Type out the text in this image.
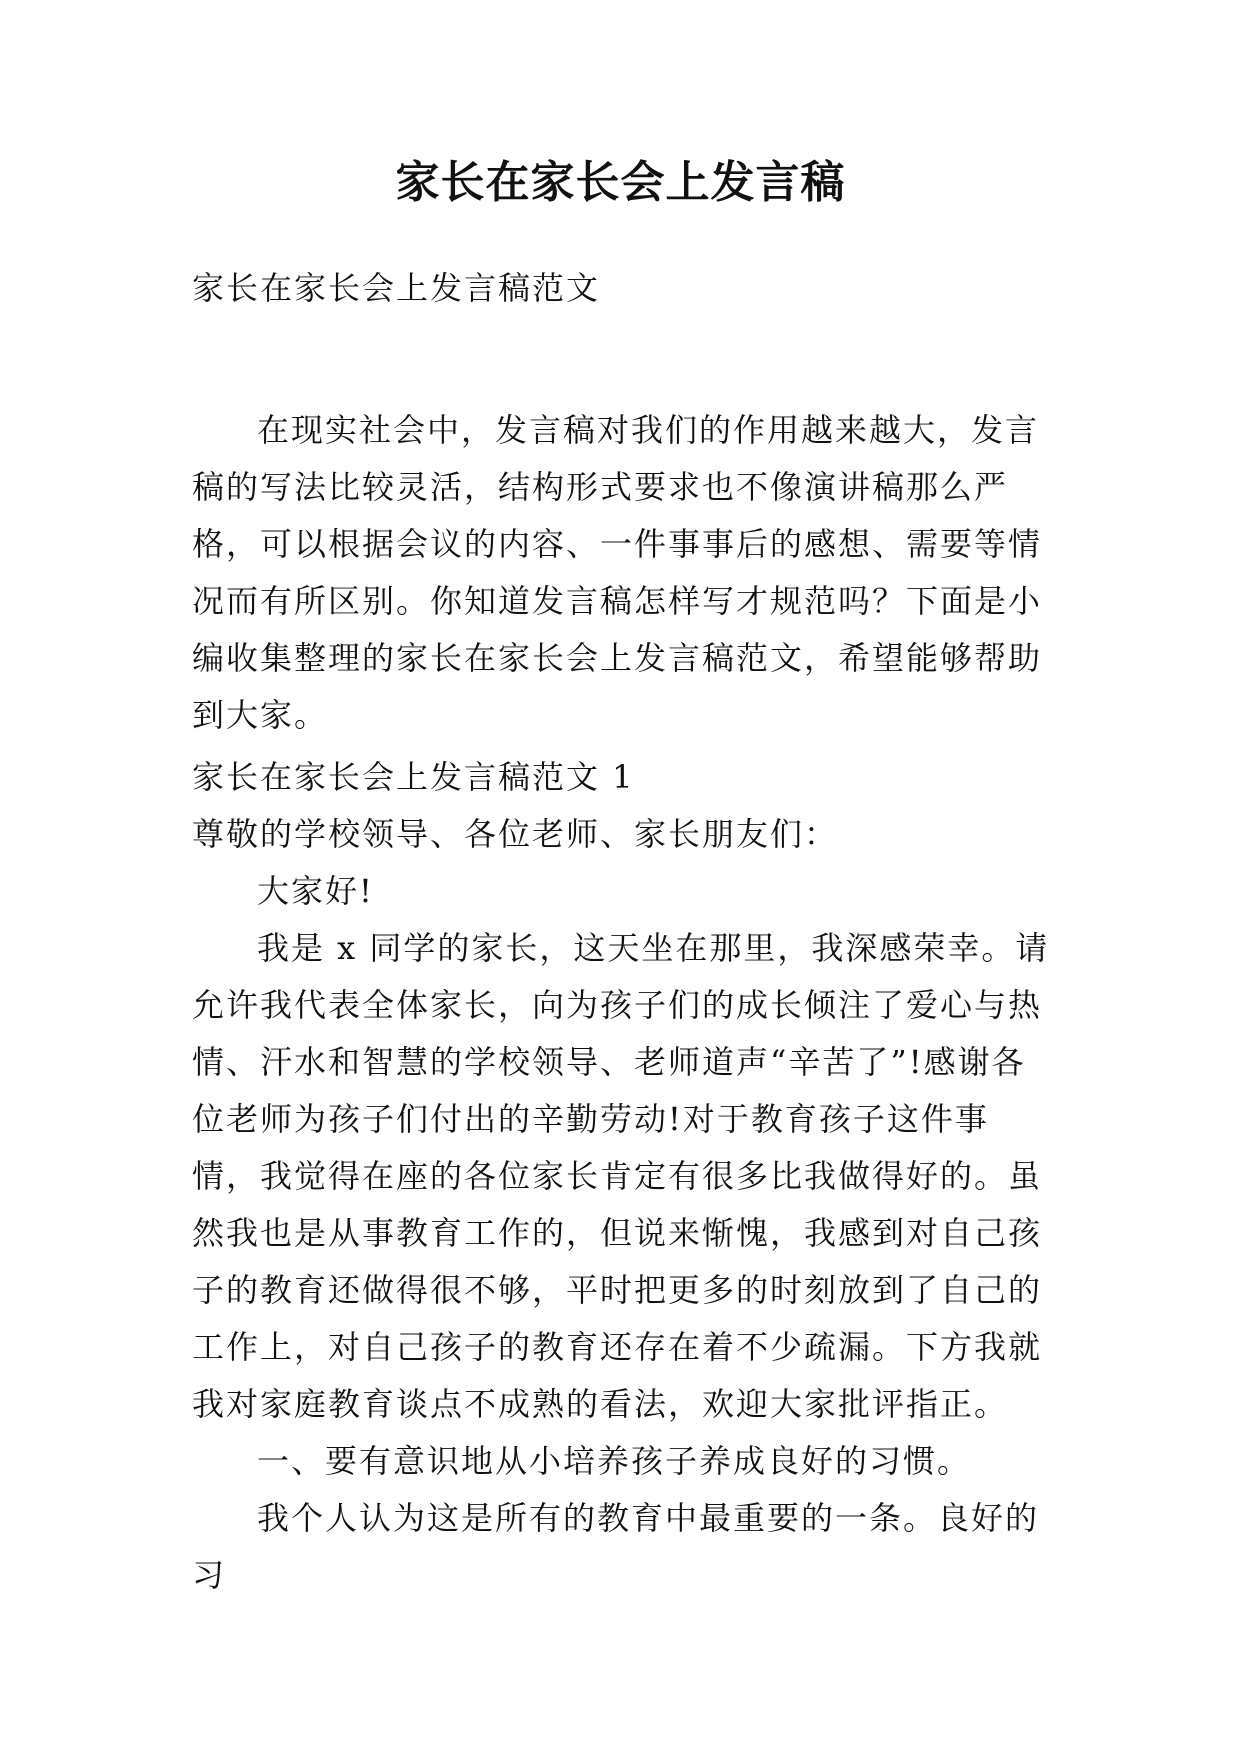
家长在家长会上发言稿

家长在家长会上发言稿范文

在现实社会中，发言稿对我们的作用越来越大，发言稿的写法比较灵活，结构形式要求也不像演讲稿那么严格，可以根据会议的内容、一件事事后的感想、需要等情况而有所区别。你知道发言稿怎样写才规范吗？下面是小编收集整理的家长在家长会上发言稿范文，希望能够帮助到大家。

家长在家长会上发言稿范文 1

尊敬的学校领导、各位老师、家长朋友们：

大家好!

我是 x 同学的家长，这天坐在那里，我深感荣幸。请允许我代表全体家长，向为孩子们的成长倾注了爱心与热情、汗水和智慧的学校领导、老师道声“辛苦了”!感谢各位老师为孩子们付出的辛勤劳动!对于教育孩子这件事情，我觉得在座的各位家长肯定有很多比我做得好的。虽然我也是从事教育工作的，但说来惭愧，我感到对自己孩子的教育还做得很不够，平时把更多的时刻放到了自己的工作上，对自己孩子的教育还存在着不少疏漏。下方我就我对家庭教育谈点不成熟的看法，欢迎大家批评指正。

一、要有意识地从小培养孩子养成良好的习惯。

我个人认为这是所有的教育中最重要的一条。良好的习
